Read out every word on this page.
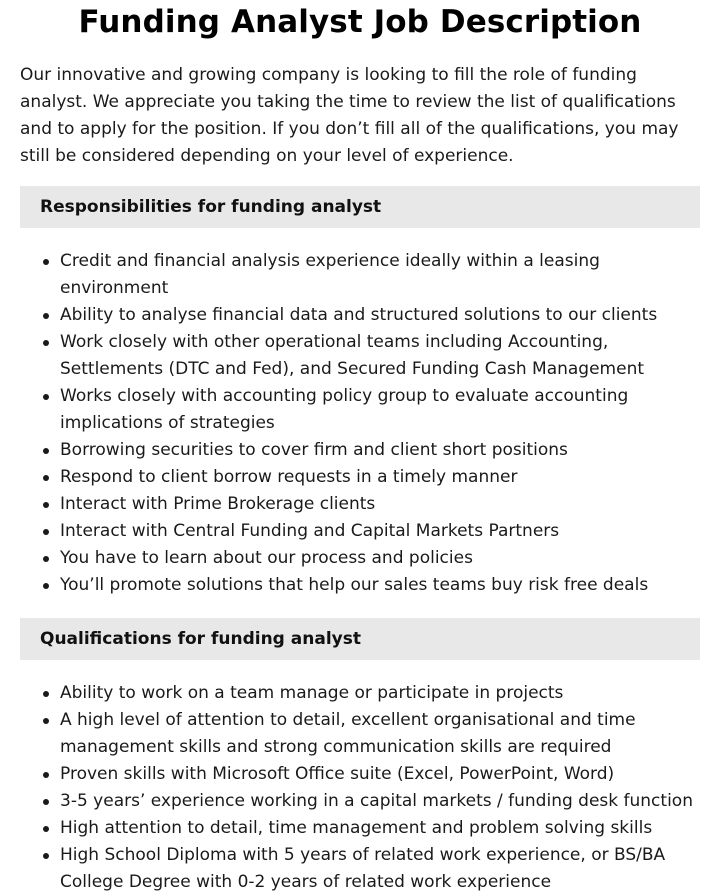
Funding Analyst Job Description

Our innovative and growing company is looking to fill the role of funding analyst. We appreciate you taking the time to review the list of qualifications and to apply for the position. If you don’t fill all of the qualifications, you may still be considered depending on your level of experience.

Responsibilities for funding analyst
Credit and financial analysis experience ideally within a leasing environment
Ability to analyse financial data and structured solutions to our clients
Work closely with other operational teams including Accounting, Settlements (DTC and Fed), and Secured Funding Cash Management
Works closely with accounting policy group to evaluate accounting implications of strategies
Borrowing securities to cover firm and client short positions
Respond to client borrow requests in a timely manner
Interact with Prime Brokerage clients
Interact with Central Funding and Capital Markets Partners
You have to learn about our process and policies
You’ll promote solutions that help our sales teams buy risk free deals
Qualifications for funding analyst
Ability to work on a team manage or participate in projects
A high level of attention to detail, excellent organisational and time management skills and strong communication skills are required
Proven skills with Microsoft Office suite (Excel, PowerPoint, Word)
3-5 years’ experience working in a capital markets / funding desk function
High attention to detail, time management and problem solving skills
High School Diploma with 5 years of related work experience, or BS/BA College Degree with 0-2 years of related work experience
